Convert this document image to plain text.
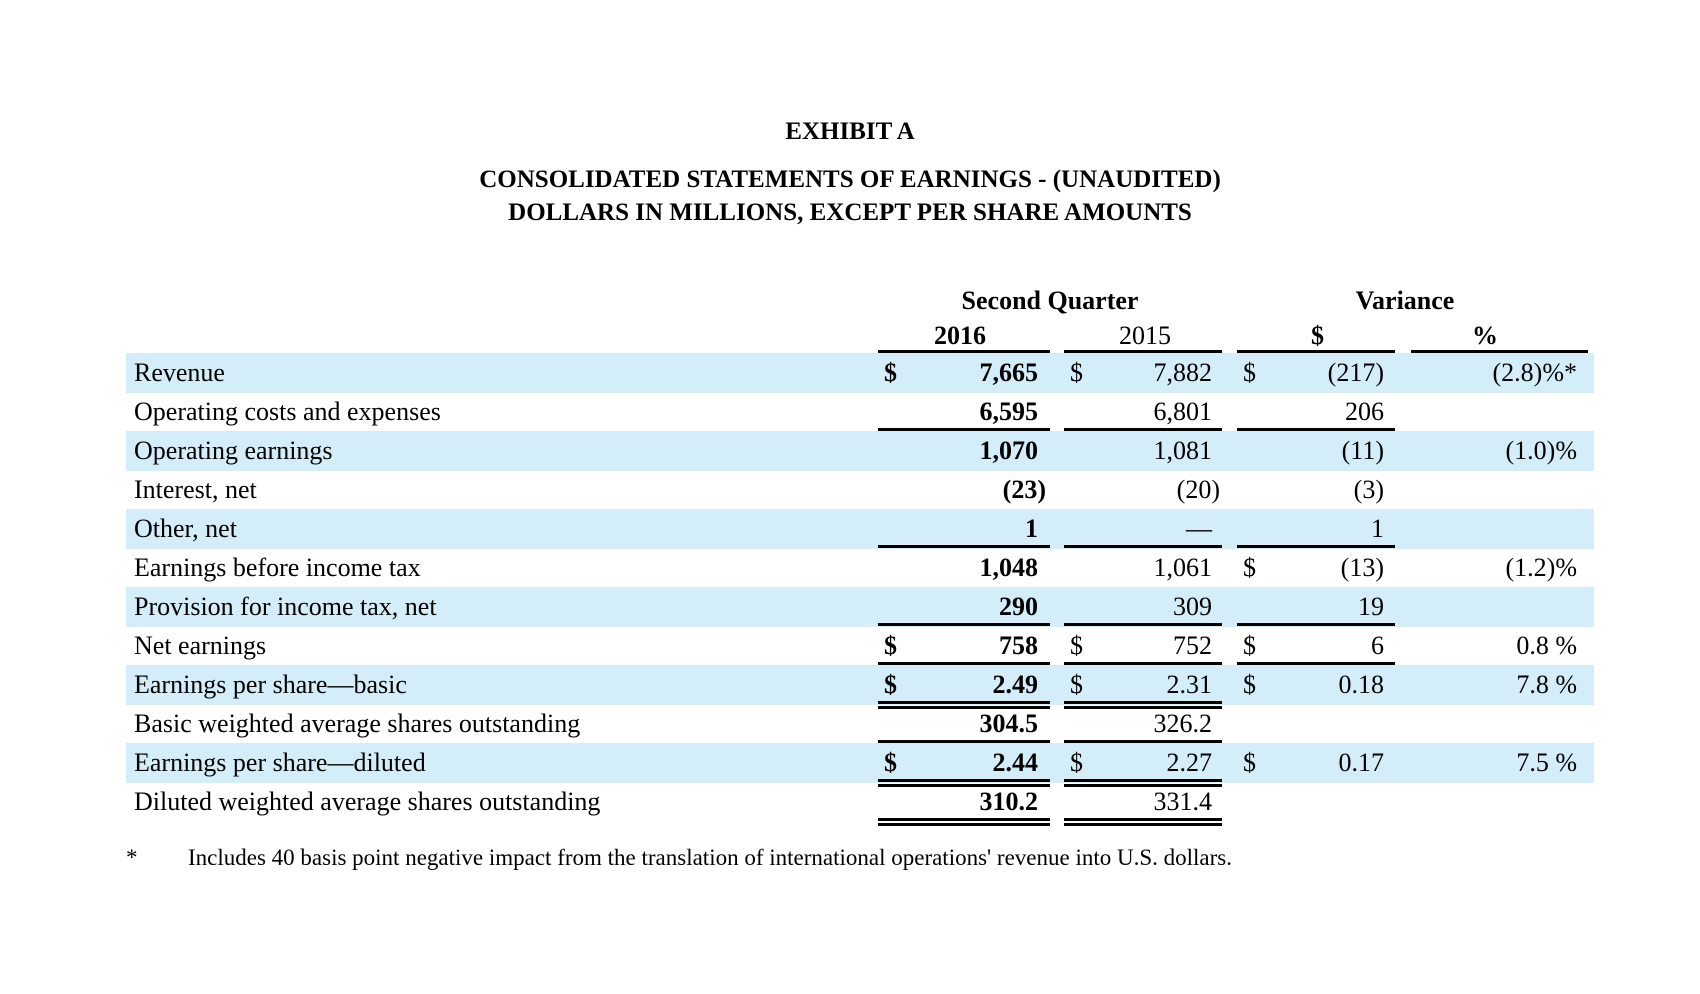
EXHIBIT A
CONSOLIDATED STATEMENTS OF EARNINGS - (UNAUDITED)
DOLLARS IN MILLIONS, EXCEPT PER SHARE AMOUNTS
Second Quarter	Variance
2016	2015	$	%
Revenue	$	7,665 $	7,882 $	(217)	(2.8)%*
Operating costs and expenses	6,595	6,801	206
Operating earnings	1,070	1,081	(11)	(1.0)%
Interest, net	(23)	(20)	(3)
Other, net	1	—	1
Earnings before income tax	1,048	1,061 $	(13)	(1.2)%
Provision for income tax, net	290	309	19
Net earnings	$	758 $	752 $	6	0.8 %
Earnings per share—basic	$	2.49 $	2.31 $	0.18	7.8 %
Basic weighted average shares outstanding	304.5	326.2
Earnings per share—diluted	$	2.44 $	2.27 $	0.17	7.5 %
Diluted weighted average shares outstanding	310.2	331.4
* Includes 40 basis point negative impact from the translation of international operations' revenue into U.S. dollars.
